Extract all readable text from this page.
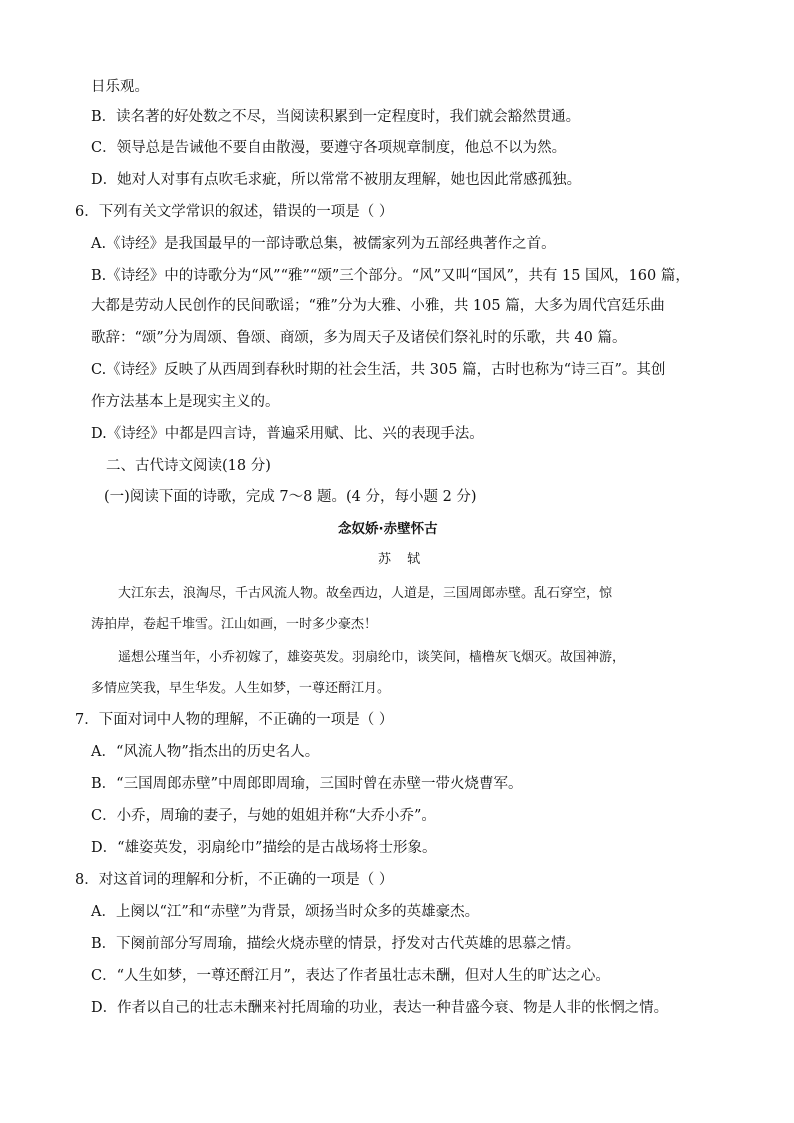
日乐观。
B．读名著的好处数之不尽，当阅读积累到一定程度时，我们就会豁然贯通。
C．领导总是告诫他不要自由散漫，要遵守各项规章制度，他总不以为然。
D．她对人对事有点吹毛求疵，所以常常不被朋友理解，她也因此常感孤独。
6．下列有关文学常识的叙述，错误的一项是（ ）
A.《诗经》是我国最早的一部诗歌总集，被儒家列为五部经典著作之首。
B.《诗经》中的诗歌分为“风”“雅”“颂”三个部分。“风”又叫“国风”，共有 15 国风，160 篇，
大都是劳动人民创作的民间歌谣；“雅”分为大雅、小雅，共 105 篇，大多为周代宫廷乐曲
歌辞：“颂”分为周颂、鲁颂、商颂，多为周天子及诸侯们祭礼时的乐歌，共 40 篇。
C.《诗经》反映了从西周到春秋时期的社会生活，共 305 篇，古时也称为“诗三百”。其创
作方法基本上是现实主义的。
D.《诗经》中都是四言诗，普遍采用赋、比、兴的表现手法。
二、古代诗文阅读(18 分)
(一)阅读下面的诗歌，完成 7～8 题。(4 分，每小题 2 分)
念奴娇·赤壁怀古
苏 轼
大江东去，浪淘尽，千古风流人物。故垒西边，人道是，三国周郎赤壁。乱石穿空，惊
涛拍岸，卷起千堆雪。江山如画，一时多少豪杰！
遥想公瑾当年，小乔初嫁了，雄姿英发。羽扇纶巾，谈笑间，樯橹灰飞烟灭。故国神游，
多情应笑我，早生华发。人生如梦，一尊还酹江月。
7．下面对词中人物的理解，不正确的一项是（ ）
A．“风流人物”指杰出的历史名人。
B．“三国周郎赤壁”中周郎即周瑜，三国时曾在赤壁一带火烧曹军。
C．小乔，周瑜的妻子，与她的姐姐并称“大乔小乔”。
D．“雄姿英发，羽扇纶巾”描绘的是古战场将士形象。
8．对这首词的理解和分析，不正确的一项是（ ）
A．上阕以“江”和“赤壁”为背景，颂扬当时众多的英雄豪杰。
B．下阕前部分写周瑜，描绘火烧赤壁的情景，抒发对古代英雄的思慕之情。
C．“人生如梦，一尊还酹江月”，表达了作者虽壮志未酬，但对人生的旷达之心。
D．作者以自己的壮志未酬来衬托周瑜的功业，表达一种昔盛今衰、物是人非的怅惘之情。
